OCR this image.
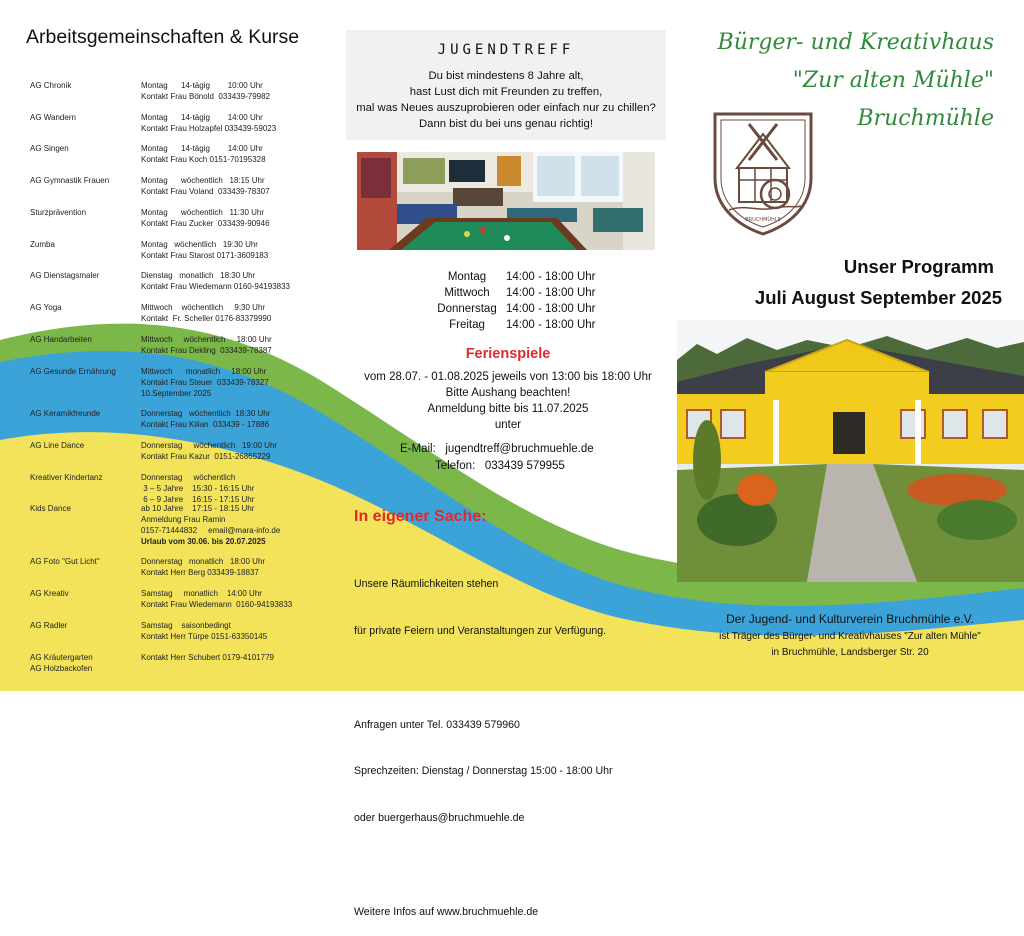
Arbeitsgemeinschaften & Kurse
AG Chronik	Montag      14-tägig        10:00 Uhr
Kontakt Frau Bönold  033439-79982
AG Wandern	Montag      14-tägig        14:00 Uhr
Kontakt Frau Holzapfel 033439-59023
AG Singen	Montag      14-tägig        14:00 Uhr
Kontakt Frau Koch 0151-70195328
AG Gymnastik Frauen	Montag      wöchentlich   18:15 Uhr
Kontakt Frau Voland  033439-78307
Sturzprävention	Montag      wöchentlich   11:30 Uhr
Kontakt Frau Zucker  033439-90946
Zumba	Montag   wöchentlich   19:30 Uhr
Kontakt Frau Starost 0171-3609183
AG Dienstagsmaler	Dienstag   monatlich   18:30 Uhr
Kontakt Frau Wiedemann 0160-94193833
AG Yoga	Mittwoch    wöchentlich     9:30 Uhr
Kontakt  Fr. Scheller 0176-83379990
AG Handarbeiten	Mittwoch     wöchentlich     18:00 Uhr
Kontakt Frau Dekling  033439-78387
AG Gesunde Ernährung	Mittwoch      monatlich     18:00 Uhr
Kontakt Frau Steuer  033439-78327
10.September 2025
AG Keramikfreunde	Donnerstag   wöchentlich  18:30 Uhr
Kontakt Frau Kilian  033439 - 17886
AG Line Dance	Donnerstag     wöchentlich   19:00 Uhr
Kontakt Frau Kazur  0151-26865229
Kreativer Kindertanz	Donnerstag     wöchentlich
3 – 5 Jahre    15:30 - 16:15 Uhr
6 – 9 Jahre    16:15 - 17:15 Uhr
Kids Dance	ab 10 Jahre    17:15 - 18:15 Uhr
Anmeldung Frau Ramin
0157-71444832     email@mara-info.de
Urlaub vom 30.06. bis 20.07.2025
AG Foto "Gut Licht"	Donnerstag   monatlich   18:00 Uhr
Kontakt Herr Berg 033439-18837
AG Kreativ	Samstag     monatlich    14:00 Uhr
Kontakt Frau Wiedemann  0160-94193833
AG Radler	Samstag    saisonbedingt
Kontakt Herr Türpe 0151-63350145
AG Kräutergarten
AG Holzbackofen
Kontakt Herr Schubert 0179-4101779
JUGENDTREFF
Du bist mindestens 8 Jahre alt,
hast Lust dich mit Freunden zu treffen,
mal was Neues auszuprobieren oder einfach nur zu chillen?
Dann bist du bei uns genau richtig!
Montag	14:00 - 18:00 Uhr
Mittwoch	14:00 - 18:00 Uhr
Donnerstag 14:00 - 18:00 Uhr
Freitag	14:00 - 18:00 Uhr
Ferienspiele
vom 28.07. - 01.08.2025 jeweils von 13:00 bis 18:00 Uhr
Bitte Aushang beachten!
Anmeldung bitte bis 11.07.2025
unter
E-Mail: jugendtreff@bruchmuehle.de
Telefon: 033439 579955
In eigener Sache:

Unsere Räumlichkeiten stehen

für private Feiern und Veranstaltungen zur Verfügung.

Anfragen unter Tel. 033439 579960

Sprechzeiten: Dienstag / Donnerstag 15:00 - 18:00 Uhr

oder buergerhaus@bruchmuehle.de

Weitere Infos auf www.bruchmuehle.de

Bürger- und Kreativhaus
"Zur alten Mühle"
Bruchmühle
BRUCHMÜHLE
Unser Programm
Juli August September 2025
Der Jugend- und Kulturverein Bruchmühle e.V.
ist Träger des Bürger- und Kreativhauses "Zur alten Mühle"
in Bruchmühle, Landsberger Str. 20
